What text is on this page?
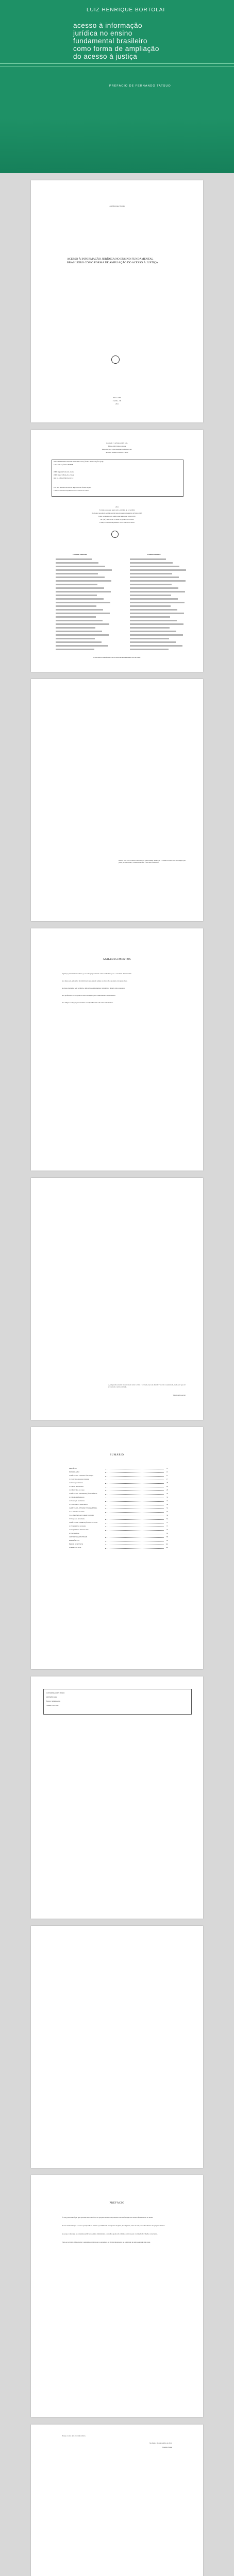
LUIZ HENRIQUE BORTOLAI
acesso à informação
jurídica no ensino
fundamental brasileiro
como forma de ampliação
do acesso à justiça
PREFÁCIO DE FERNANDO TATSUO
Luiz Henrique Bortolai
ACESSO À INFORMAÇÃO JURÍDICA NO ENSINO FUNDAMENTAL BRASILEIRO COMO FORMA DE AMPLIAÇÃO DO ACESSO À JUSTIÇA
Editora CRV
Curitiba – PR
2021
Copyright © da Editora CRV Ltda.
Editor-chefe: Railson Moura
Diagramação e Capa: Designers da Editora CRV
Revisão: Analista de Escrita e Artes
DADOS INTERNACIONAIS DE CATALOGAÇÃO NA PUBLICAÇÃO (CIP)
CATALOGAÇÃO NA FONTE
ISBN Digital 978-65-251-1516-6
ISBN Físico 978-65-251-1515-9
DOI 10.24824/978652511515.9
Esta obra também encontra-se disponível em formato digital.
Conheça os nossos lançamentos: www.editoracrv.com.br
2021
Foi feito o depósito legal conf. Lei 10.994 de 14/12/2004
Proibida a reprodução parcial ou total desta obra sem autorização da Editora CRV
Todos os direitos desta edição reservados pela: Editora CRV
Tel.: (41) 3039-6418 – E-mail: sac@editoracrv.com.br
Conheça os nossos lançamentos: www.editoracrv.com.br
Conselho Editorial:	Comitê Científico:
ESTA OBRA TAMBÉM FOI AVALIADA POR PARECERISTAS AD HOC
Dedico este livro a Marcia Bortolai, por quem minha admiração e carinho de mãe crescem sempre que penso, ao meu irmão, à minha namorada e aos meus familiares.
AGRADECIMENTOS
Agradeço primeiramente a Deus, por ter me proporcionado saúde e sabedoria para a conclusão deste trabalho.
Aos meus pais, pelo amor incondicional e por estarem sempre ao meu lado, apoiando cada passo dado.
Ao meu orientador, pela paciência, dedicação e ensinamentos transmitidos durante toda a pesquisa.
Aos professores do Programa de Pós-Graduação, pelo conhecimento compartilhado.
Aos amigos e colegas, pelo incentivo e companheirismo em todos os momentos.
A justiça não consiste em ser neutro entre o certo e o errado, mas em descobrir o certo e sustentá-lo, onde quer que ele se encontre, contra o errado.
Theodore Roosevelt
SUMÁRIO
PREFÁCIO	11
INTRODUÇÃO	13
CAPÍTULO 1 – ACESSO À JUSTIÇA	17
1.1 Conceito de acesso à justiça	17
1.2 Evolução histórica	20
1.3 Ondas renovatórias	24
1.4 Obstáculos ao acesso	29
CAPÍTULO 2 – INFORMAÇÃO JURÍDICA	35
2.1 Direito à informação	35
2.2 Educação em direitos	41
2.3 Cidadania e conhecimento	46
CAPÍTULO 3 – ENSINO FUNDAMENTAL	53
3.1 A estrutura do ensino	53
3.2 A Base Nacional Comum Curricular	58
3.3 Propostas de inclusão	64
CAPÍTULO 4 – AMPLIAÇÃO DO ACESSO	71
4.1 Experiências nacionais	71
4.2 Experiências internacionais	77
4.3 Perspectivas	83
CONSIDERAÇÕES FINAIS	89
REFERÊNCIAS	93
ÍNDICE REMISSIVO	101
SOBRE O AUTOR	105
CONSIDERAÇÕES FINAIS
REFERÊNCIAS
ÍNDICE REMISSIVO
SOBRE O AUTOR
PREFÁCIO
É com grande satisfação que apresento esta obra, fruto de pesquisa séria e comprometida com a efetivação dos direitos fundamentais no Brasil.
O autor demonstra que o acesso à justiça não se resume à possibilidade de ingressar em juízo, mas depende, antes de tudo, do conhecimento dos próprios direitos.
Ao propor a inserção de conteúdos jurídicos no ensino fundamental, o trabalho aponta um caminho concreto para a formação de cidadãos conscientes.
Trata-se de leitura indispensável a estudantes, professores e operadores do Direito interessados na construção de uma sociedade mais justa.
Desejo a todos uma excelente leitura.
São Paulo, 10 de novembro de 2021.
Fernando Tatsuo
